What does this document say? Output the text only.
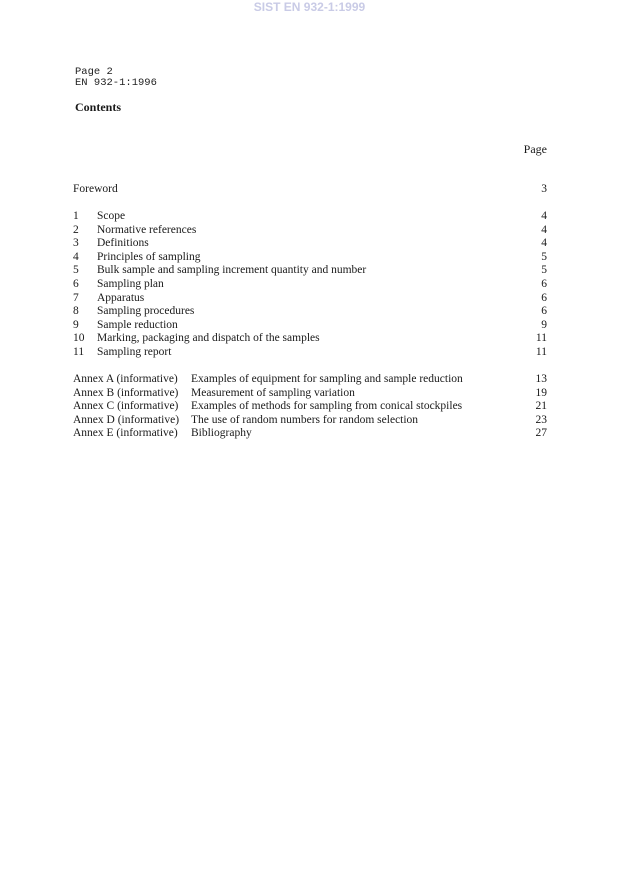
SIST EN 932-1:1999
Page 2
EN 932-1:1996
Contents
Page
Foreword	3
1 Scope	4
2 Normative references	4
3 Definitions	4
4 Principles of sampling	5
5 Bulk sample and sampling increment quantity and number	5
6 Sampling plan	6
7 Apparatus	6
8 Sampling procedures	6
9 Sample reduction	9
10 Marking, packaging and dispatch of the samples	11
11 Sampling report	11
Annex A (informative) Examples of equipment for sampling and sample reduction	13
Annex B (informative) Measurement of sampling variation	19
Annex C (informative) Examples of methods for sampling from conical stockpiles	21
Annex D (informative) The use of random numbers for random selection	23
Annex E (informative) Bibliography	27
